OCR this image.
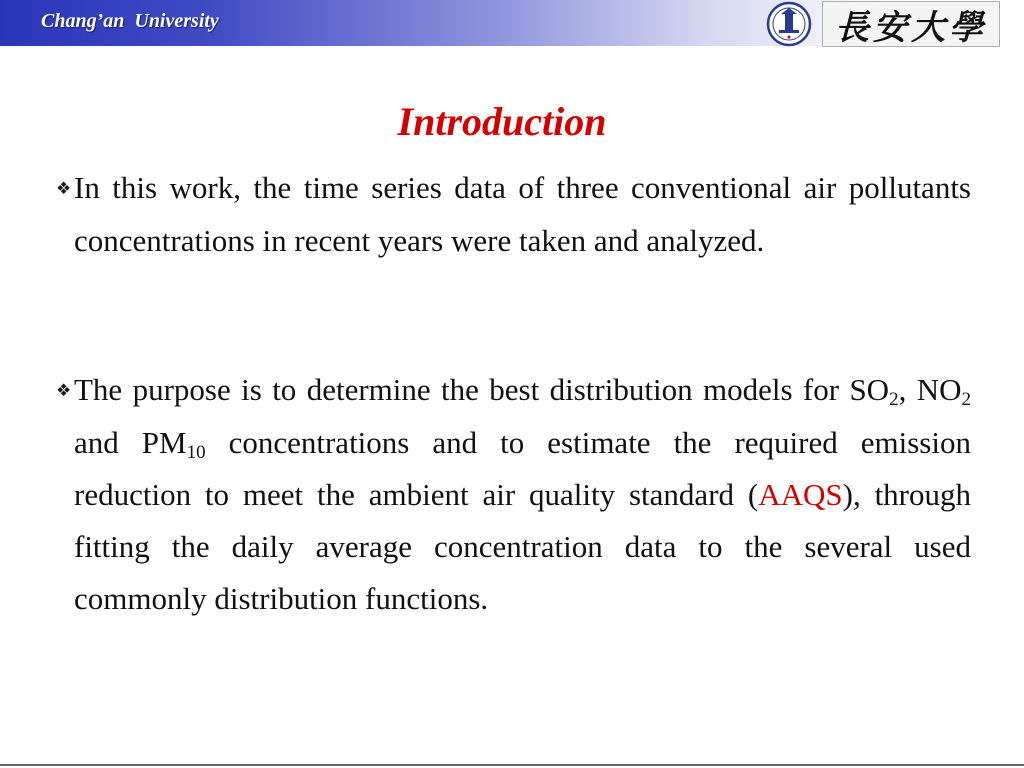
Chang’an  University	長安大學
Introduction
❖In this work, the time series data of three conventional air pollutants concentrations in recent years were taken and analyzed.
❖The purpose is to determine the best distribution models for $SO_2$, $NO_2$ and $PM_{10}$ concentrations and to estimate the required emission reduction to meet the ambient air quality standard (AAQS), through fitting the daily average concentration data to the several used commonly distribution functions.
